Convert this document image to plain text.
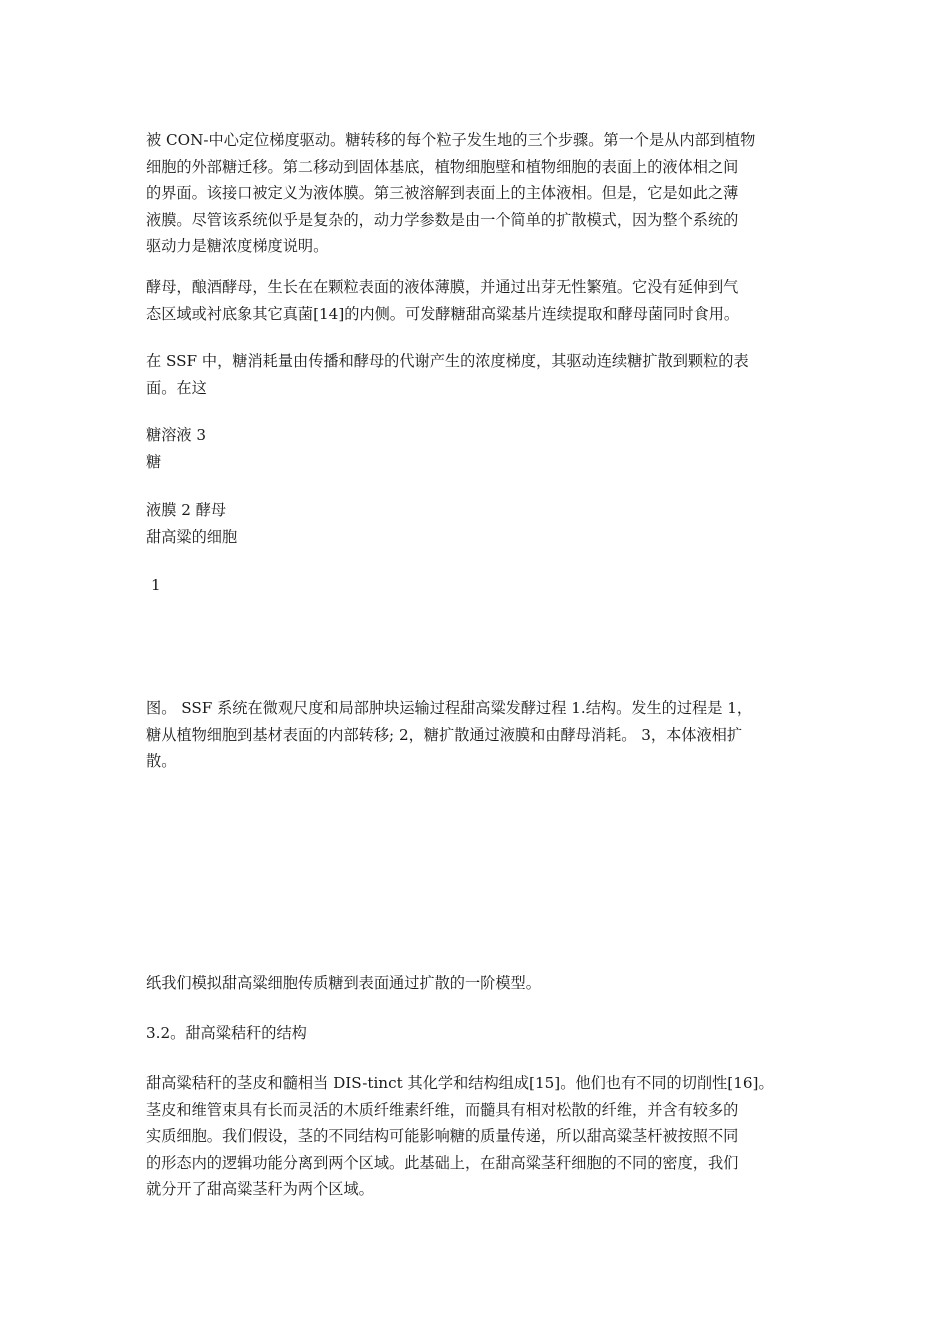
被 CON-中心定位梯度驱动。糖转移的每个粒子发生地的三个步骤。第一个是从内部到植物
细胞的外部糖迁移。第二移动到固体基底，植物细胞壁和植物细胞的表面上的液体相之间
的界面。该接口被定义为液体膜。第三被溶解到表面上的主体液相。但是，它是如此之薄
液膜。尽管该系统似乎是复杂的，动力学参数是由一个简单的扩散模式，因为整个系统的
驱动力是糖浓度梯度说明。
酵母，酿酒酵母，生长在在颗粒表面的液体薄膜，并通过出芽无性繁殖。它没有延伸到气
态区域或衬底象其它真菌[14]的内侧。可发酵糖甜高粱基片连续提取和酵母菌同时食用。
在 SSF 中，糖消耗量由传播和酵母的代谢产生的浓度梯度，其驱动连续糖扩散到颗粒的表
面。在这
糖溶液 3
糖
液膜 2 酵母
甜高粱的细胞
1
图。 SSF 系统在微观尺度和局部肿块运输过程甜高粱发酵过程 1.结构。发生的过程是 1，
糖从植物细胞到基材表面的内部转移; 2，糖扩散通过液膜和由酵母消耗。 3，本体液相扩
散。
纸我们模拟甜高粱细胞传质糖到表面通过扩散的一阶模型。
3.2。甜高粱秸秆的结构
甜高粱秸秆的茎皮和髓相当 DIS-tinct 其化学和结构组成[15]。他们也有不同的切削性[16]。
茎皮和维管束具有长而灵活的木质纤维素纤维，而髓具有相对松散的纤维，并含有较多的
实质细胞。我们假设，茎的不同结构可能影响糖的质量传递，所以甜高粱茎杆被按照不同
的形态内的逻辑功能分离到两个区域。此基础上，在甜高粱茎秆细胞的不同的密度，我们
就分开了甜高粱茎秆为两个区域。
